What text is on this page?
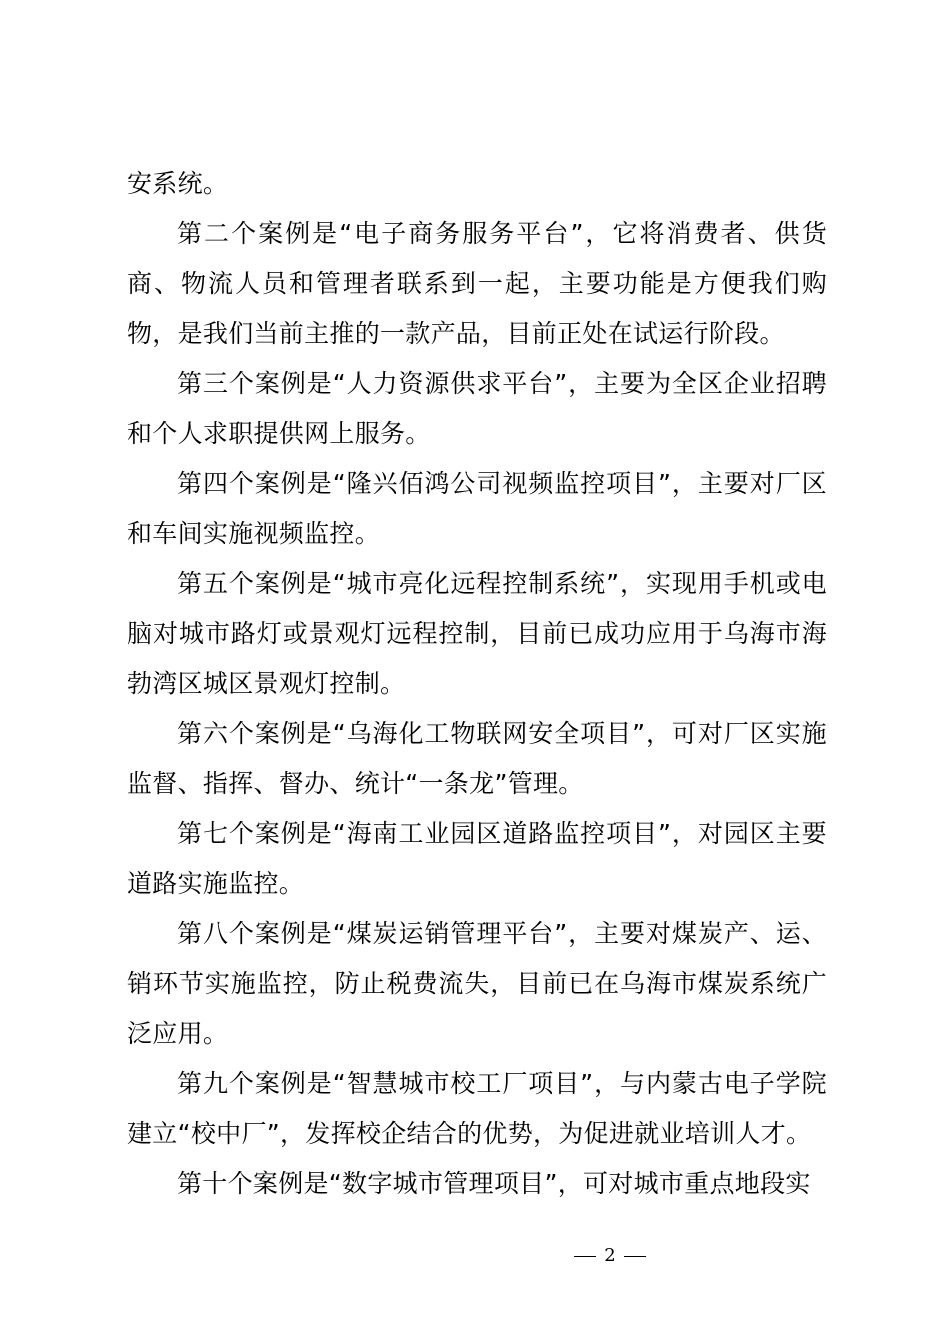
安系统。

第二个案例是“电子商务服务平台”，它将消费者、供货商、物流人员和管理者联系到一起，主要功能是方便我们购物，是我们当前主推的一款产品，目前正处在试运行阶段。

第三个案例是“人力资源供求平台”，主要为全区企业招聘和个人求职提供网上服务。

第四个案例是“隆兴佰鸿公司视频监控项目”，主要对厂区和车间实施视频监控。

第五个案例是“城市亮化远程控制系统”，实现用手机或电脑对城市路灯或景观灯远程控制，目前已成功应用于乌海市海勃湾区城区景观灯控制。

第六个案例是“乌海化工物联网安全项目”，可对厂区实施监督、指挥、督办、统计“一条龙”管理。

第七个案例是“海南工业园区道路监控项目”，对园区主要道路实施监控。

第八个案例是“煤炭运销管理平台”，主要对煤炭产、运、销环节实施监控，防止税费流失，目前已在乌海市煤炭系统广泛应用。

第九个案例是“智慧城市校工厂项目”，与内蒙古电子学院建立“校中厂”，发挥校企结合的优势，为促进就业培训人才。

第十个案例是“数字城市管理项目”，可对城市重点地段实

2
